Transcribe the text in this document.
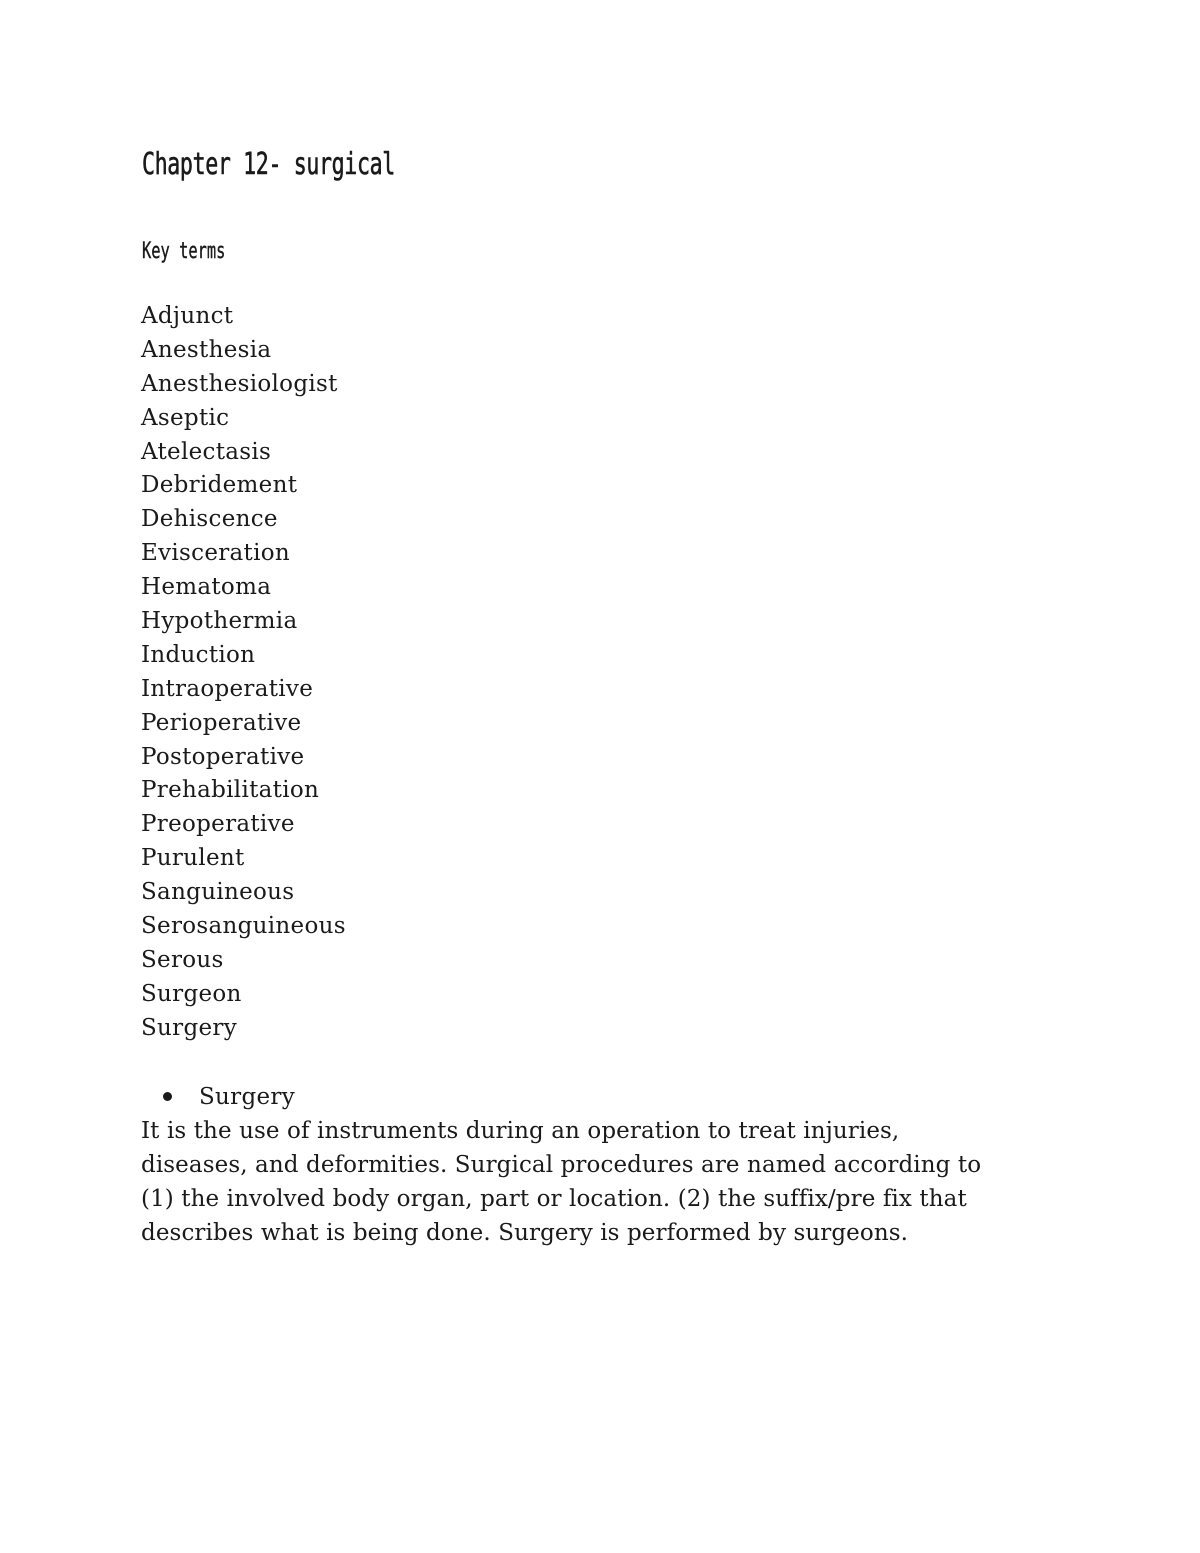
Chapter 12- surgical
Key terms
Adjunct
Anesthesia
Anesthesiologist
Aseptic
Atelectasis
Debridement
Dehiscence
Evisceration
Hematoma
Hypothermia
Induction
Intraoperative
Perioperative
Postoperative
Prehabilitation
Preoperative
Purulent
Sanguineous
Serosanguineous
Serous
Surgeon
Surgery
Surgery

It is the use of instruments during an operation to treat injuries,
diseases, and deformities. Surgical procedures are named according to
(1) the involved body organ, part or location. (2) the suffix/pre fix that
describes what is being done. Surgery is performed by surgeons.
